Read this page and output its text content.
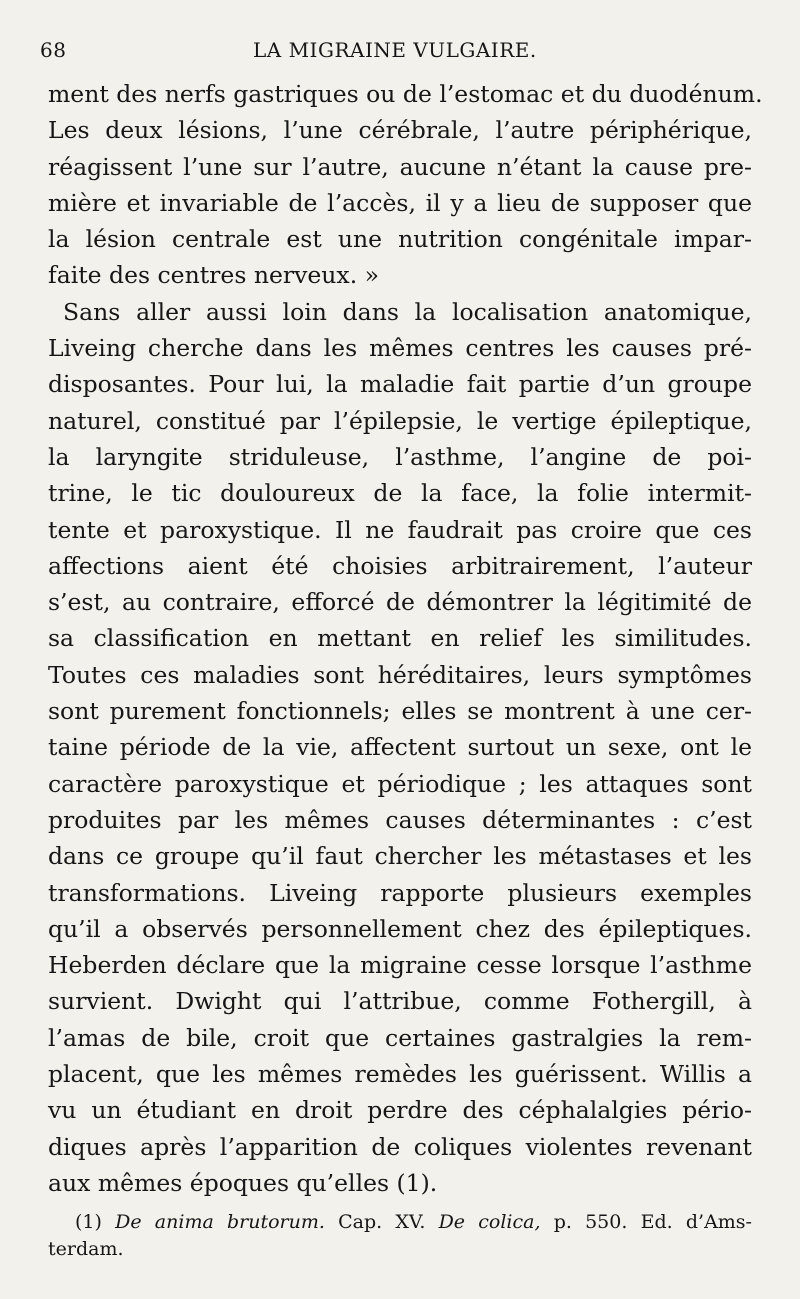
68	LA MIGRAINE VULGAIRE.
ment des nerfs gastriques ou de l’estomac et du duodénum.
Les deux lésions, l’une cérébrale, l’autre périphérique,
réagissent l’une sur l’autre, aucune n’étant la cause pre-
mière et invariable de l’accès, il y a lieu de supposer que
la lésion centrale est une nutrition congénitale impar-
faite des centres nerveux. »
Sans aller aussi loin dans la localisation anatomique,
Liveing cherche dans les mêmes centres les causes pré-
disposantes. Pour lui, la maladie fait partie d’un groupe
naturel, constitué par l’épilepsie, le vertige épileptique,
la laryngite striduleuse, l’asthme, l’angine de poi-
trine, le tic douloureux de la face, la folie intermit-
tente et paroxystique. Il ne faudrait pas croire que ces
affections aient été choisies arbitrairement, l’auteur
s’est, au contraire, efforcé de démontrer la légitimité de
sa classification en mettant en relief les similitudes.
Toutes ces maladies sont héréditaires, leurs symptômes
sont purement fonctionnels; elles se montrent à une cer-
taine période de la vie, affectent surtout un sexe, ont le
caractère paroxystique et périodique ; les attaques sont
produites par les mêmes causes déterminantes : c’est
dans ce groupe qu’il faut chercher les métastases et les
transformations. Liveing rapporte plusieurs exemples
qu’il a observés personnellement chez des épileptiques.
Heberden déclare que la migraine cesse lorsque l’asthme
survient. Dwight qui l’attribue, comme Fothergill, à
l’amas de bile, croit que certaines gastralgies la rem-
placent, que les mêmes remèdes les guérissent. Willis a
vu un étudiant en droit perdre des céphalalgies pério-
diques après l’apparition de coliques violentes revenant
aux mêmes époques qu’elles (1).
(1) De anima brutorum. Cap. XV. De colica, p. 550. Ed. d’Ams-
terdam.
